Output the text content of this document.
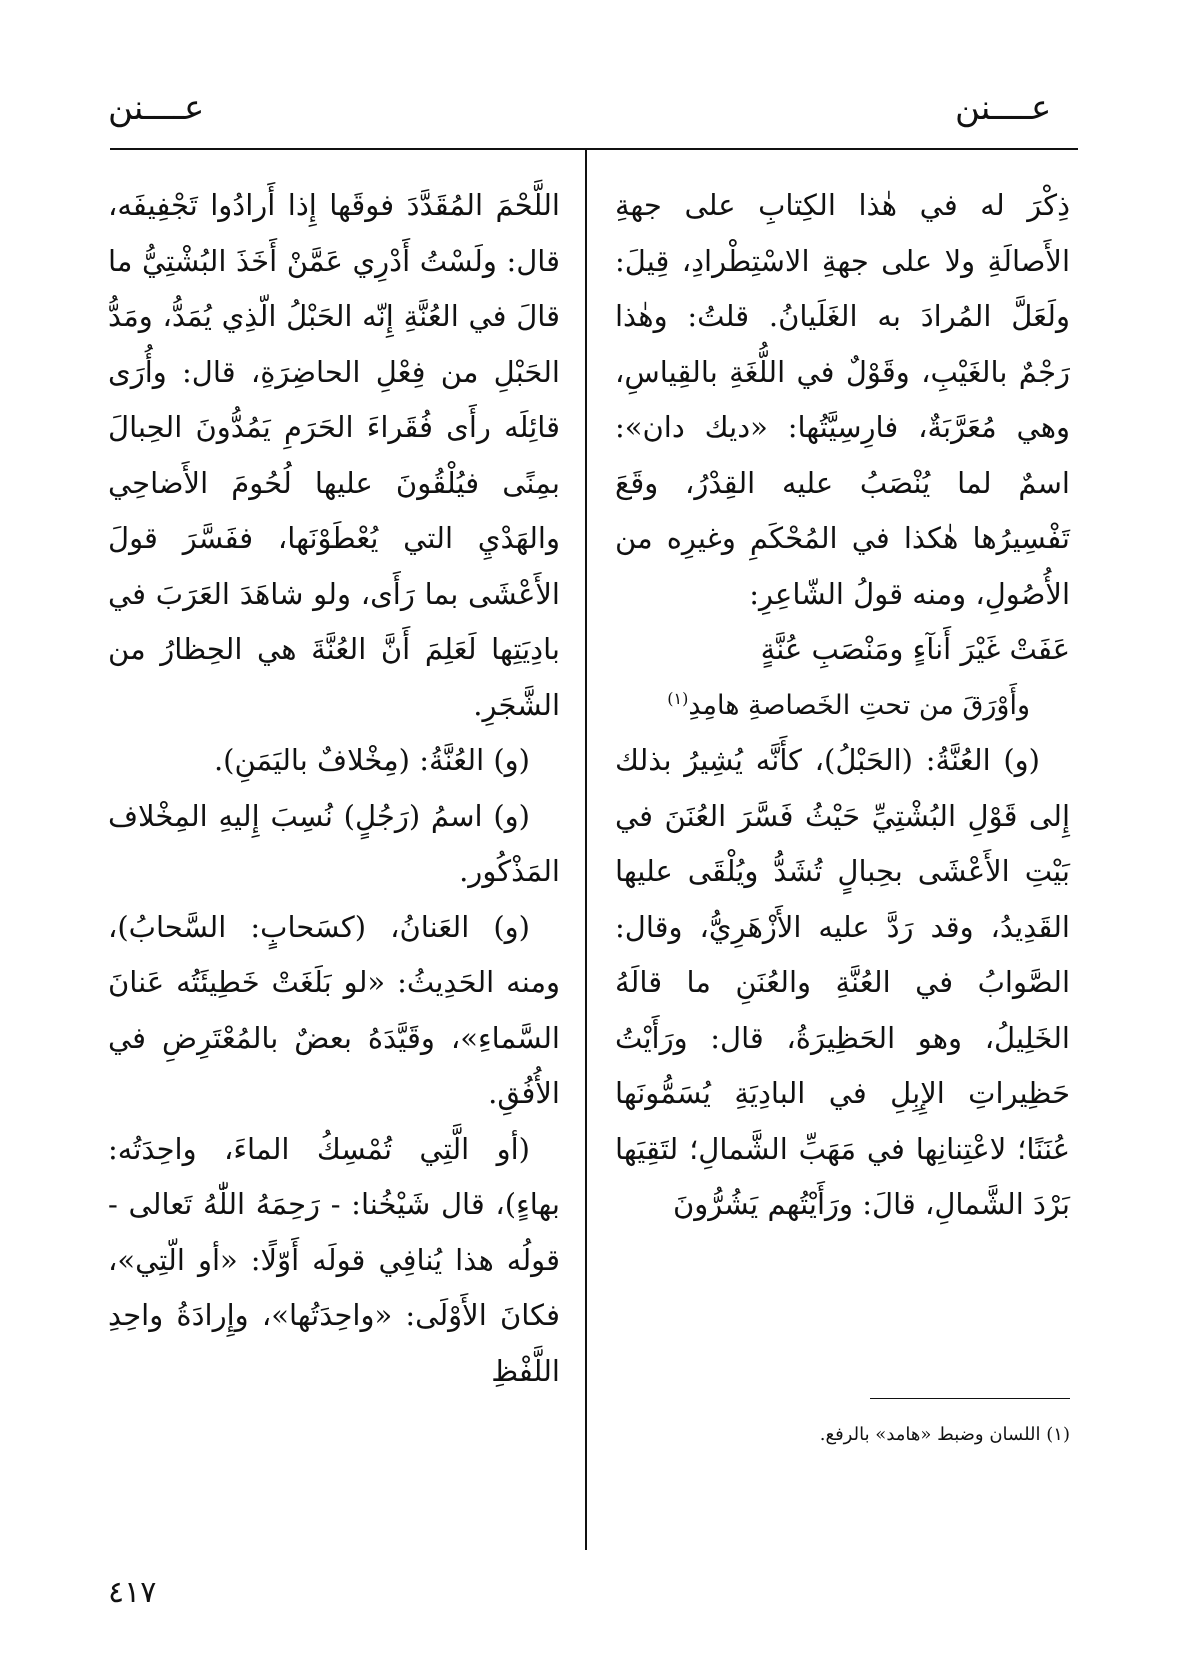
عــــنن
عــــنن

ذِكْرَ له في هٰذا الكِتابِ على جهةِ الأَصالَةِ ولا على جهةِ الاسْتِطْرادِ، قِيلَ: ولَعَلَّ المُرادَ به الغَلَيانُ. قلتُ: وهٰذا رَجْمٌ بالغَيْبِ، وقَوْلٌ في اللُّغَةِ بالقِياسِ، وهي مُعَرَّبَةٌ، فارِسِيَّتُها: «ديك دان»: اسمٌ لما يُنْصَبُ عليه القِدْرُ، وقَعَ تَفْسِيرُها هٰكذا في المُحْكَمِ وغيرِه من الأُصُولِ، ومنه قولُ الشّاعِرِ:

عَفَتْ غَيْرَ أَنآءٍ ومَنْصَبِ عُنَّةٍ

وأَوْرَقَ من تحتِ الخَصاصةِ هامِدِ$^{(١)}$

(و) العُنَّةُ: (الحَبْلُ)، كأَنَّه يُشِيرُ بذلك إِلى قَوْلِ البُشْتِيِّ حَيْثُ فَسَّرَ العُنَنَ في بَيْتِ الأَعْشَى بحِبالٍ تُشَدُّ ويُلْقَى عليها القَدِيدُ، وقد رَدَّ عليه الأَزْهَرِيُّ، وقال: الصَّوابُ في العُنَّةِ والعُنَنِ ما قالَهُ الخَلِيلُ، وهو الحَظِيرَةُ، قال: ورَأَيْتُ حَظِيراتِ الإِبِلِ في البادِيَةِ يُسَمُّونَها عُنَنًا؛ لاعْتِنانِها في مَهَبِّ الشَّمالِ؛ لتَقِيَها بَرْدَ الشَّمالِ، قالَ: ورَأَيْتُهم يَشُرُّونَ

اللَّحْمَ المُقَدَّدَ فوقَها إِذا أَرادُوا تَجْفِيفَه، قال: ولَسْتُ أَدْرِي عَمَّنْ أَخَذَ البُشْتِيُّ ما قالَ في العُنَّةِ إِنّه الحَبْلُ الّذِي يُمَدُّ، ومَدُّ الحَبْلِ من فِعْلِ الحاضِرَةِ، قال: وأُرَى قائِلَه رأَى فُقَراءَ الحَرَمِ يَمُدُّونَ الحِبالَ بمِنًى فيُلْقُونَ عليها لُحُومَ الأَضاحِي والهَدْيِ التي يُعْطَوْنَها، ففَسَّرَ قولَ الأَعْشَى بما رَأَى، ولو شاهَدَ العَرَبَ في بادِيَتِها لَعَلِمَ أَنَّ العُنَّةَ هي الحِظارُ من الشَّجَرِ.

(و) العُنَّةُ: (مِخْلافٌ باليَمَنِ).

(و) اسمُ (رَجُلٍ) نُسِبَ إِليهِ المِخْلاف المَذْكُور.

(و) العَنانُ، (كسَحابٍ: السَّحابُ)، ومنه الحَدِيثُ: «لو بَلَغَتْ خَطِيئَتُه عَنانَ السَّماءِ»، وقَيَّدَهُ بعضٌ بالمُعْتَرِضِ في الأُفُقِ.

(أو الَّتِي تُمْسِكُ الماءَ، واحِدَتُه: بهاءٍ)، قال شَيْخُنا: - رَحِمَهُ اللّٰهُ تَعالى - قولُه هذا يُنافِي قولَه أَوّلًا: «أو الّتِي»، فكانَ الأَوْلَى: «واحِدَتُها»، وإِرادَةُ واحِدِ اللَّفْظِ

(١) اللسان وضبط «هامد» بالرفع.
٤١٧
